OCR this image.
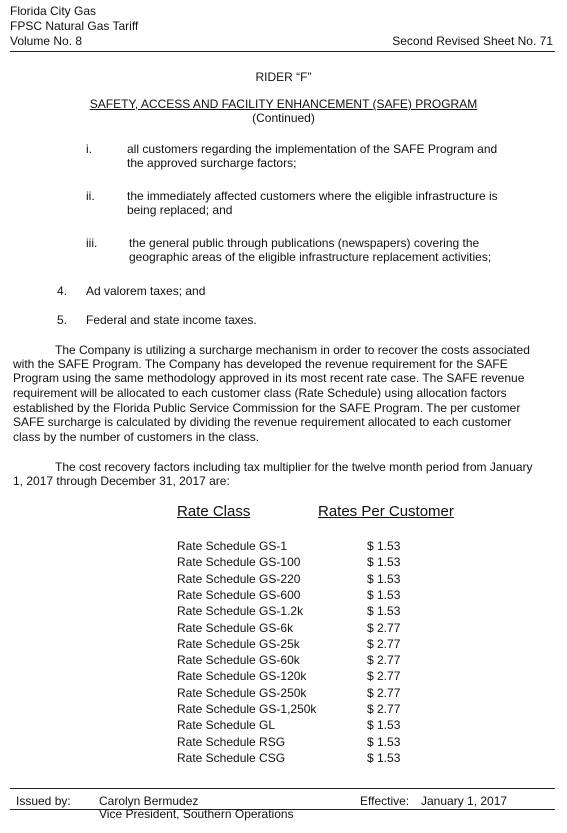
Florida City Gas
FPSC Natural Gas Tariff
Volume No. 8	Second Revised Sheet No. 71
RIDER “F”
SAFETY, ACCESS AND FACILITY ENHANCEMENT (SAFE) PROGRAM
(Continued)
i.	all customers regarding the implementation of the SAFE Program and
the approved surcharge factors;
ii.	the immediately affected customers where the eligible infrastructure is
being replaced; and
iii.	the general public through publications (newspapers) covering the
geographic areas of the eligible infrastructure replacement activities;
4. Ad valorem taxes; and
5. Federal and state income taxes.
The Company is utilizing a surcharge mechanism in order to recover the costs associated
with the SAFE Program. The Company has developed the revenue requirement for the SAFE
Program using the same methodology approved in its most recent rate case. The SAFE revenue
requirement will be allocated to each customer class (Rate Schedule) using allocation factors
established by the Florida Public Service Commission for the SAFE Program. The per customer
SAFE surcharge is calculated by dividing the revenue requirement allocated to each customer
class by the number of customers in the class.
The cost recovery factors including tax multiplier for the twelve month period from January
1, 2017 through December 31, 2017 are:
Rate Class	Rates Per Customer
Rate Schedule GS-1	$ 1.53
Rate Schedule GS-100	$ 1.53
Rate Schedule GS-220	$ 1.53
Rate Schedule GS-600	$ 1.53
Rate Schedule GS-1.2k	$ 1.53
Rate Schedule GS-6k	$ 2.77
Rate Schedule GS-25k	$ 2.77
Rate Schedule GS-60k	$ 2.77
Rate Schedule GS-120k	$ 2.77
Rate Schedule GS-250k	$ 2.77
Rate Schedule GS-1,250k	$ 2.77
Rate Schedule GL	$ 1.53
Rate Schedule RSG	$ 1.53
Rate Schedule CSG	$ 1.53
Issued by: Carolyn Bermudez	Effective: January 1, 2017
Vice President, Southern Operations
